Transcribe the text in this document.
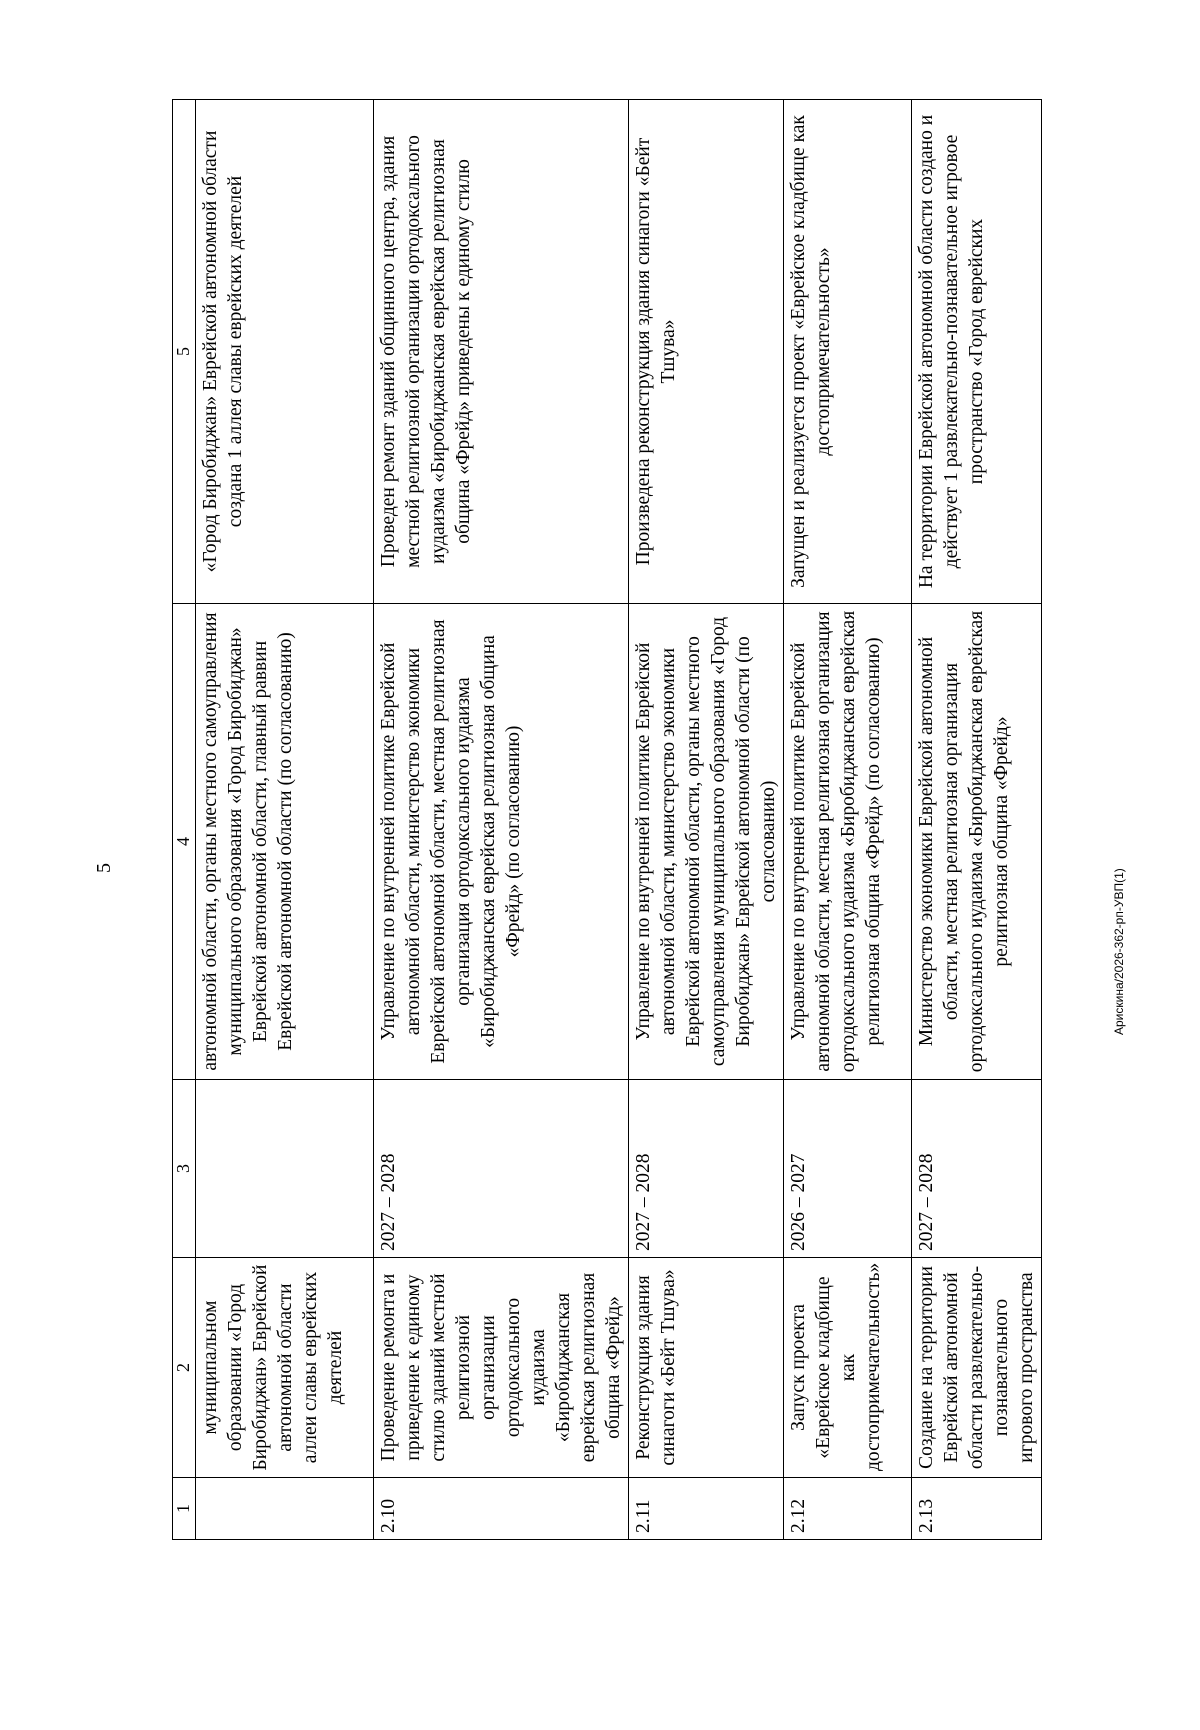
5
Арискина/2026-362-рп-УВП(1)
1	2	3	4	5
	муниципальном образовании «Город Биробиджан» Еврейской автономной области аллеи славы еврейских деятелей		автономной области, органы местного самоуправления муниципального образования «Город Биробиджан» Еврейской автономной области, главный раввин Еврейской автономной области (по согласованию)	«Город Биробиджан» Еврейской автономной области создана 1 аллея славы еврейских деятелей
2.10	Проведение ремонта и приведение к единому стилю зданий местной религиозной организации ортодоксального иудаизма «Биробиджанская еврейская религиозная община «Фрейд»	2027 – 2028	Управление по внутренней политике Еврейской автономной области, министерство экономики Еврейской автономной области, местная религиозная организация ортодоксального иудаизма «Биробиджанская еврейская религиозная община «Фрейд» (по согласованию)	Проведен ремонт зданий общинного центра, здания местной религиозной организации ортодоксального иудаизма «Биробиджанская еврейская религиозная община «Фрейд» приведены к единому стилю
2.11	Реконструкция здания синагоги «Бейт Тшува»	2027 – 2028	Управление по внутренней политике Еврейской автономной области, министерство экономики Еврейской автономной области, органы местного самоуправления муниципального образования «Город Биробиджан» Еврейской автономной области (по согласованию)	Произведена реконструкция здания синагоги «Бейт Тшува»
2.12	Запуск проекта «Еврейское кладбище как достопримечательность»	2026 – 2027	Управление по внутренней политике Еврейской автономной области, местная религиозная организация ортодоксального иудаизма «Биробиджанская еврейская религиозная община «Фрейд» (по согласованию)	Запущен и реализуется проект «Еврейское кладбище как достопримечательность»
2.13	Создание на территории Еврейской автономной области развлекательно-познавательного игрового пространства	2027 – 2028	Министерство экономики Еврейской автономной области, местная религиозная организация ортодоксального иудаизма «Биробиджанская еврейская религиозная община «Фрейд»	На территории Еврейской автономной области создано и действует 1 развлекательно-познавательное игровое пространство «Город еврейских
